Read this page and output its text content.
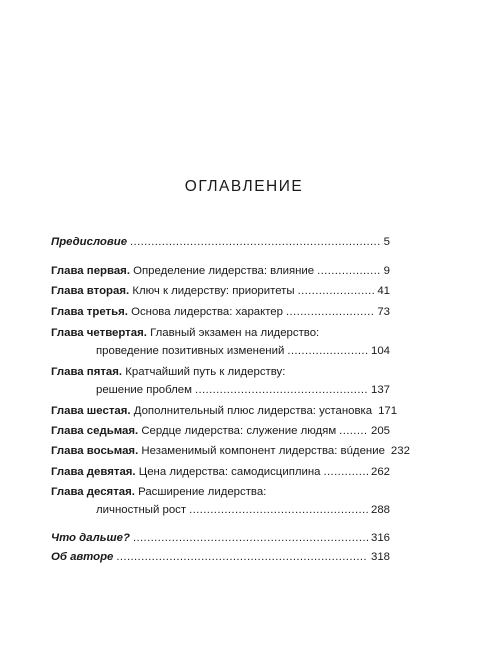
ОГЛАВЛЕНИЕ
Предисловие . . .	5
Глава первая. Определение лидерства: влияние . . .	9
Глава вторая. Ключ к лидерству: приоритеты . . .	41
Глава третья. Основа лидерства: характер . . .	73
Глава четвертая. Главный экзамен на лидерство:
проведение позитивных изменений . . .	104
Глава пятая. Кратчайший путь к лидерству:
решение проблем . . .	137
Глава шестая. Дополнительный плюс лидерства: установка 171
Глава седьмая. Сердце лидерства: служение людям . . .	205
Глава восьмая. Незаменимый компонент лидерства: вúдение 232
Глава девятая. Цена лидерства: самодисциплина . . .	262
Глава десятая. Расширение лидерства:
личностный рост . . .	288
Что дальше? . . .	316
Об авторе . . .	318
